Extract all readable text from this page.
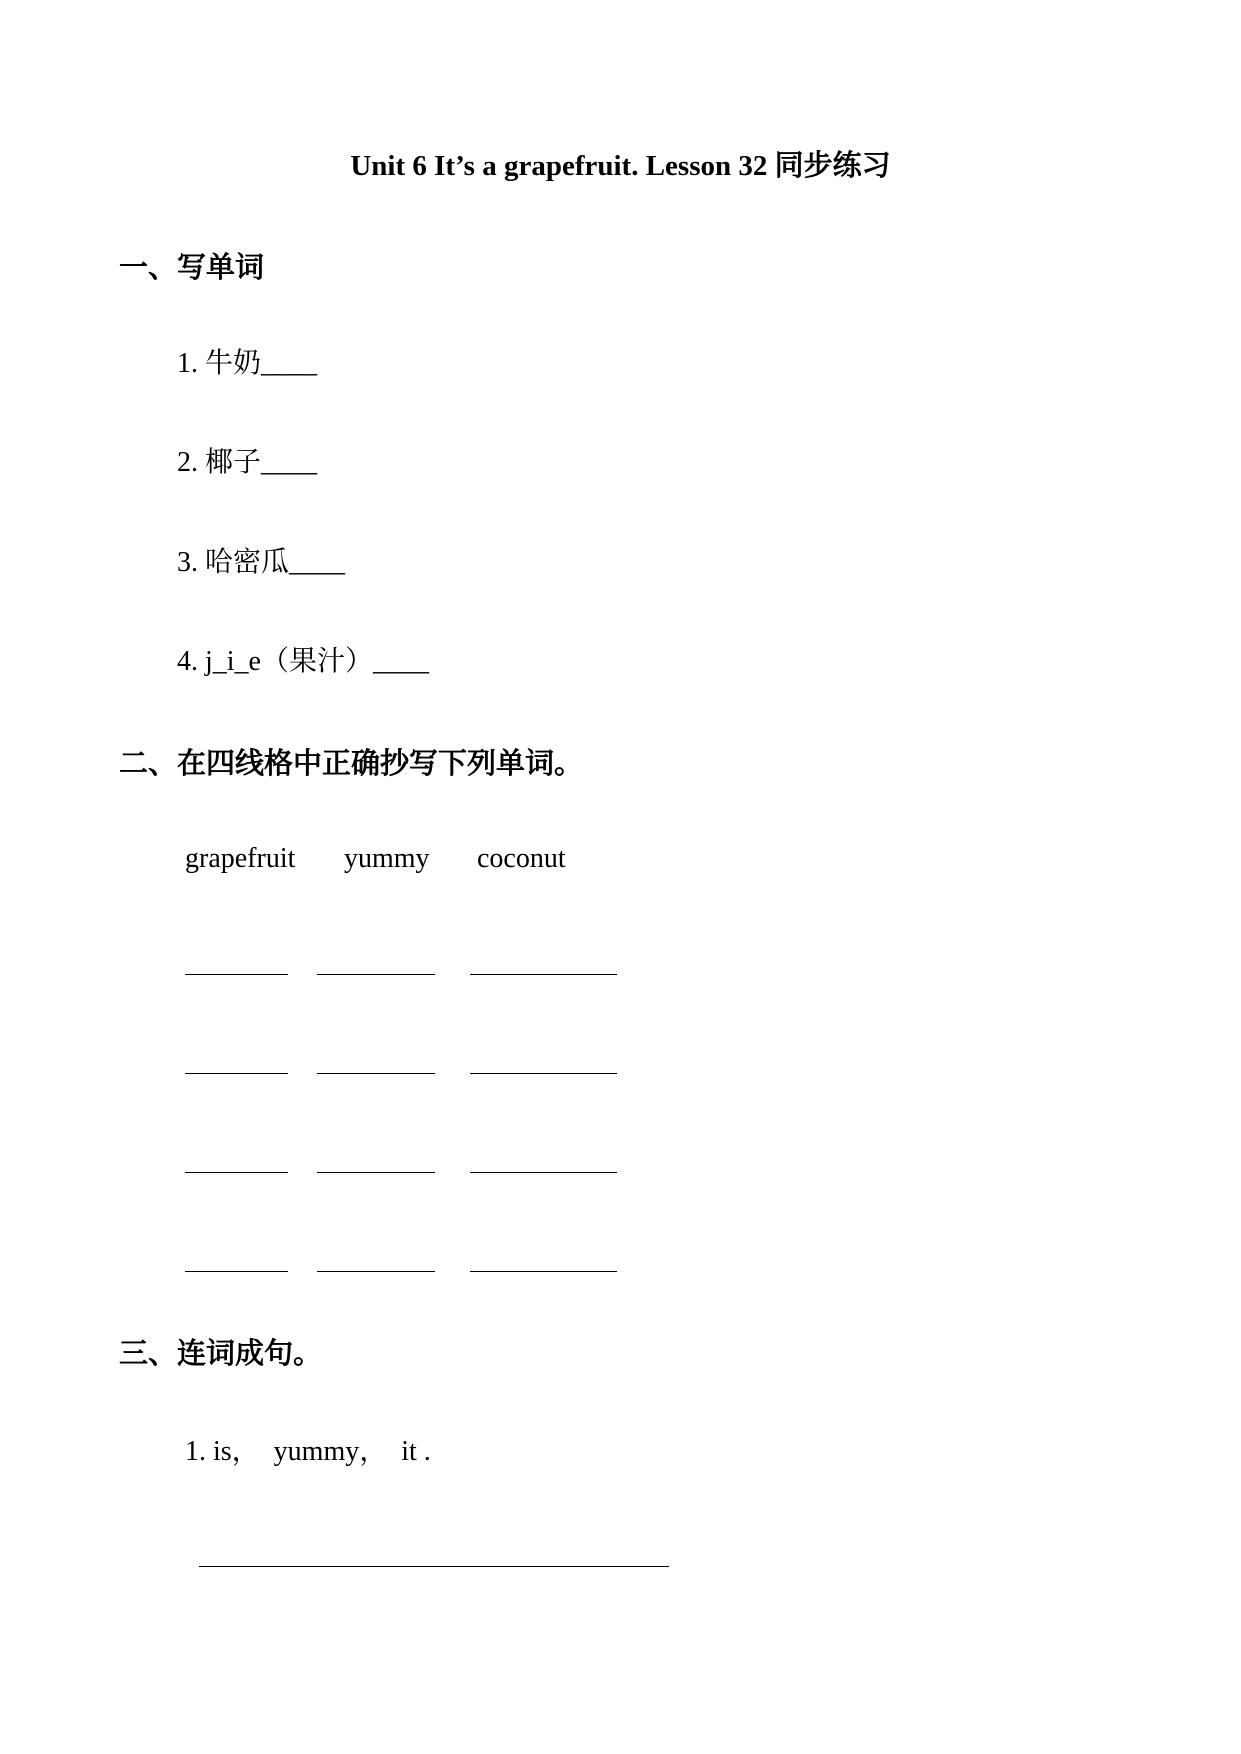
Unit 6 It’s a grapefruit. Lesson 32 同步练习
一、写单词
1. 牛奶____
2. 椰子____
3. 哈密瓜____
4. j_i_e（果汁）____
二、在四线格中正确抄写下列单词。
grapefruit yummy coconut
三、连词成句。
1. is，  yummy，  it .
